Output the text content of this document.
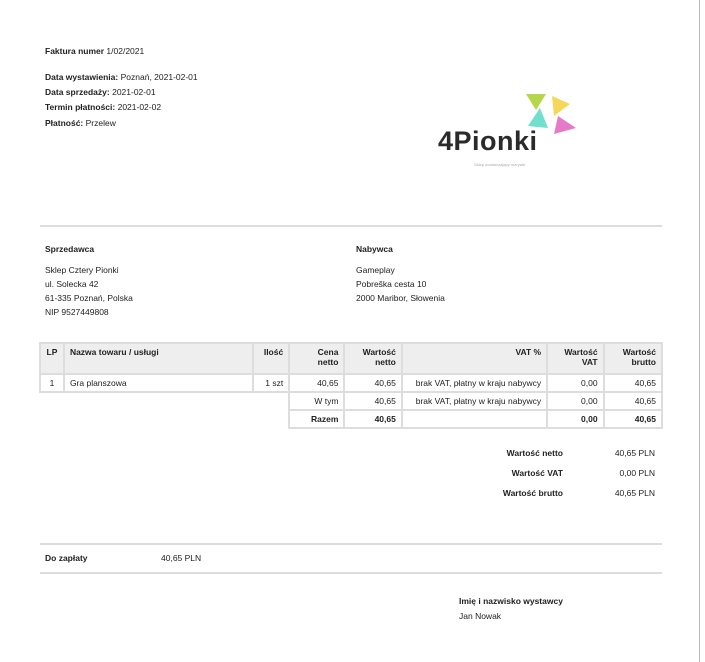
Faktura numer 1/02/2021
Data wystawienia: Poznań, 2021-02-01
Data sprzedaży: 2021-02-01
Termin płatności: 2021-02-02
Płatność: Przelew
4Pionki
Sklep dostarczający rozrywki
Sprzedawca

Sklep Cztery Pionki
ul. Solecka 42
61-335 Poznań, Polska
NIP 9527449808
Nabywca

Gameplay
Pobreška cesta 10
2000 Maribor, Słowenia
LP	Nazwa towaru / usługi	Ilość	Cena netto	Wartość netto	VAT %	Wartość VAT	Wartość brutto
1	Gra planszowa	1 szt	40,65	40,65	brak VAT, płatny w kraju nabywcy	0,00	40,65
			W tym	40,65	brak VAT, płatny w kraju nabywcy	0,00	40,65
			Razem	40,65		0,00	40,65
Wartość netto	40,65 PLN
Wartość VAT	0,00 PLN
Wartość brutto	40,65 PLN
Do zapłaty	40,65 PLN
Imię i nazwisko wystawcy
Jan Nowak
